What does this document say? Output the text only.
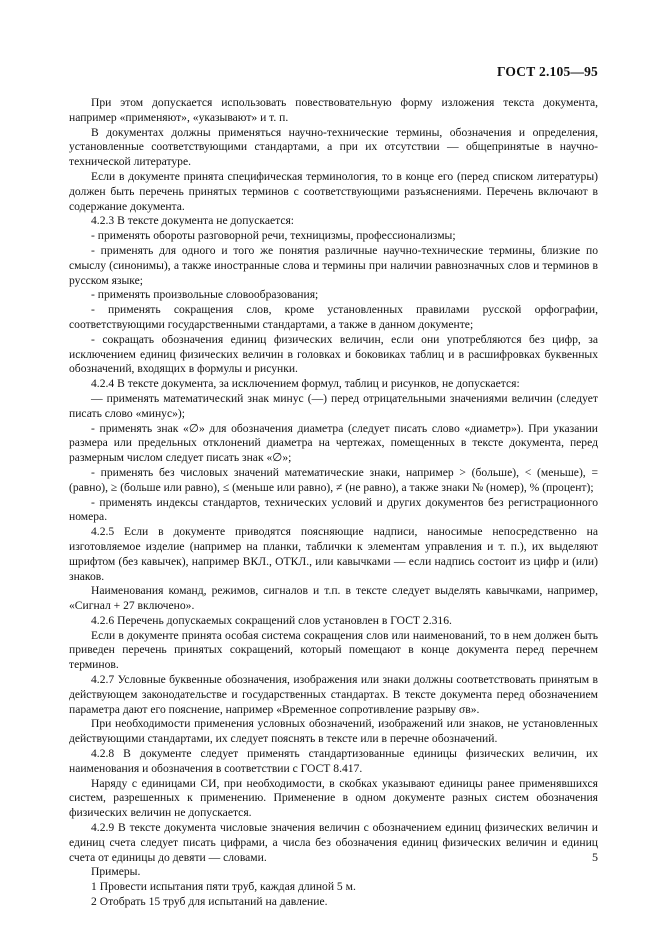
ГОСТ 2.105—95

При этом допускается использовать повествовательную форму изложения текста документа, например «применяют», «указывают» и т. п.

В документах должны применяться научно-технические термины, обозначения и определения, установленные соответствующими стандартами, а при их отсутствии — общепринятые в научно-технической литературе.

Если в документе принята специфическая терминология, то в конце его (перед списком литературы) должен быть перечень принятых терминов с соответствующими разъяснениями. Перечень включают в содержание документа.

4.2.3 В тексте документа не допускается:

- применять обороты разговорной речи, техницизмы, профессионализмы;

- применять для одного и того же понятия различные научно-технические термины, близкие по смыслу (синонимы), а также иностранные слова и термины при наличии равнозначных слов и терминов в русском языке;

- применять произвольные словообразования;

- применять сокращения слов, кроме установленных правилами русской орфографии, соответствующими государственными стандартами, а также в данном документе;

- сокращать обозначения единиц физических величин, если они употребляются без цифр, за исключением единиц физических величин в головках и боковиках таблиц и в расшифровках буквенных обозначений, входящих в формулы и рисунки.

4.2.4 В тексте документа, за исключением формул, таблиц и рисунков, не допускается:

— применять математический знак минус (—) перед отрицательными значениями величин (следует писать слово «минус»);

- применять знак «∅» для обозначения диаметра (следует писать слово «диаметр»). При указании размера или предельных отклонений диаметра на чертежах, помещенных в тексте документа, перед размерным числом следует писать знак «∅»;

- применять без числовых значений математические знаки, например > (больше), < (меньше), = (равно), ≥ (больше или равно), ≤ (меньше или равно), ≠ (не равно), а также знаки № (номер), % (процент);

- применять индексы стандартов, технических условий и других документов без регистрационного номера.

4.2.5 Если в документе приводятся поясняющие надписи, наносимые непосредственно на изготовляемое изделие (например на планки, таблички к элементам управления и т. п.), их выделяют шрифтом (без кавычек), например ВКЛ., ОТКЛ., или кавычками — если надпись состоит из цифр и (или) знаков.

Наименования команд, режимов, сигналов и т.п. в тексте следует выделять кавычками, например, «Сигнал + 27 включено».

4.2.6 Перечень допускаемых сокращений слов установлен в ГОСТ 2.316.

Если в документе принята особая система сокращения слов или наименований, то в нем должен быть приведен перечень принятых сокращений, который помещают в конце документа перед перечнем терминов.

4.2.7 Условные буквенные обозначения, изображения или знаки должны соответствовать принятым в действующем законодательстве и государственных стандартах. В тексте документа перед обозначением параметра дают его пояснение, например «Временное сопротивление разрыву σв».

При необходимости применения условных обозначений, изображений или знаков, не установленных действующими стандартами, их следует пояснять в тексте или в перечне обозначений.

4.2.8 В документе следует применять стандартизованные единицы физических величин, их наименования и обозначения в соответствии с ГОСТ 8.417.

Наряду с единицами СИ, при необходимости, в скобках указывают единицы ранее применявшихся систем, разрешенных к применению. Применение в одном документе разных систем обозначения физических величин не допускается.

4.2.9 В тексте документа числовые значения величин с обозначением единиц физических величин и единиц счета следует писать цифрами, а числа без обозначения единиц физических величин и единиц счета от единицы до девяти — словами.

Примеры.

1 Провести испытания пяти труб, каждая длиной 5 м.

2 Отобрать 15 труб для испытаний на давление.

5
